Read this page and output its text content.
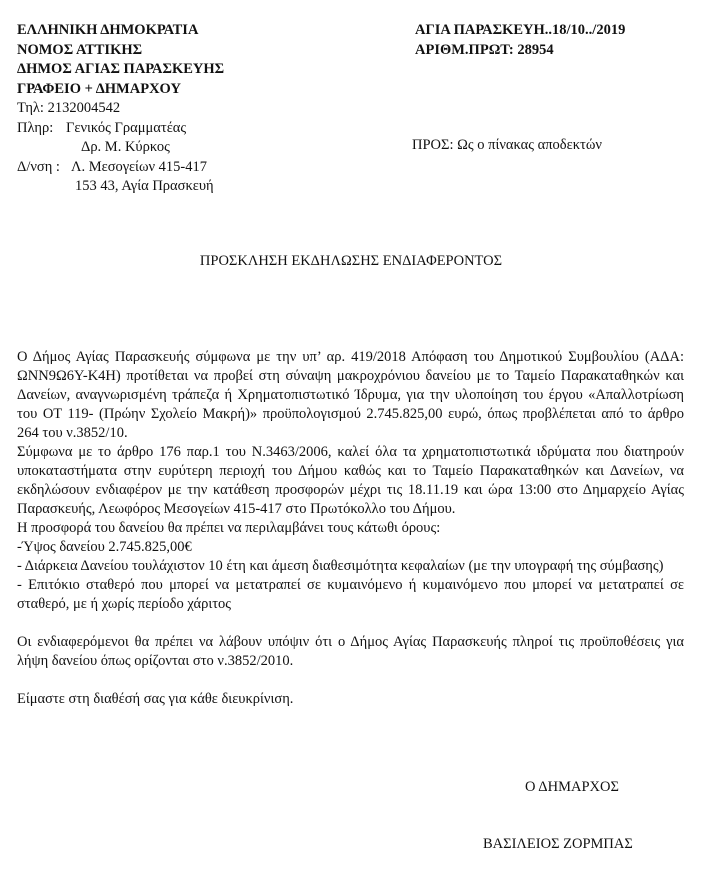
ΕΛΛΗΝΙΚΗ ΔΗΜΟΚΡΑΤΙΑ
ΝΟΜΟΣ ΑΤΤΙΚΗΣ
ΔΗΜΟΣ ΑΓΙΑΣ ΠΑΡΑΣΚΕΥΗΣ
ΓΡΑΦΕΙΟ + ΔΗΜΑΡΧΟΥ
Τηλ: 2132004542
Πληρ: Γενικός Γραμματέας
Δρ. Μ. Κύρκος
Δ/νση : Λ. Μεσογείων 415-417
153 43, Αγία Πρασκευή
ΑΓΙΑ ΠΑΡΑΣΚΕΥΗ..18/10../2019
ΑΡΙΘΜ.ΠΡΩΤ: 28954
ΠΡΟΣ: Ως ο πίνακας αποδεκτών
ΠΡΟΣΚΛΗΣΗ ΕΚΔΗΛΩΣΗΣ ΕΝΔΙΑΦΕΡΟΝΤΟΣ

Ο Δήμος Αγίας Παρασκευής σύμφωνα με την υπ’ αρ. 419/2018 Απόφαση του Δημοτικού Συμβουλίου (ΑΔΑ: ΩΝΝ9Ω6Υ-Κ4Η) προτίθεται να προβεί στη σύναψη μακροχρόνιου δανείου με το Ταμείο Παρακαταθηκών και Δανείων, αναγνωρισμένη τράπεζα ή Χρηματοπιστωτικό Ίδρυμα, για την υλοποίηση του έργου «Απαλλοτρίωση του ΟΤ 119- (Πρώην Σχολείο Μακρή)» προϋπολογισμού 2.745.825,00 ευρώ, όπως προβλέπεται από το άρθρο 264 του ν.3852/10.

Σύμφωνα με το άρθρο 176 παρ.1 του Ν.3463/2006, καλεί όλα τα χρηματοπιστωτικά ιδρύματα που διατηρούν υποκαταστήματα στην ευρύτερη περιοχή του Δήμου καθώς και το Ταμείο Παρακαταθηκών και Δανείων, να εκδηλώσουν ενδιαφέρον με την κατάθεση προσφορών μέχρι τις 18.11.19 και ώρα 13:00 στο Δημαρχείο Αγίας Παρασκευής, Λεωφόρος Μεσογείων 415-417 στο Πρωτόκολλο του Δήμου.

Η προσφορά του δανείου θα πρέπει να περιλαμβάνει τους κάτωθι όρους:

-Ύψος δανείου 2.745.825,00€

- Διάρκεια Δανείου τουλάχιστον 10 έτη και άμεση διαθεσιμότητα κεφαλαίων (με την υπογραφή της σύμβασης)

- Επιτόκιο σταθερό που μπορεί να μετατραπεί σε κυμαινόμενο ή κυμαινόμενο που μπορεί να μετατραπεί σε σταθερό, με ή χωρίς περίοδο χάριτος

Οι ενδιαφερόμενοι θα πρέπει να λάβουν υπόψιν ότι ο Δήμος Αγίας Παρασκευής πληροί τις προϋποθέσεις για λήψη δανείου όπως ορίζονται στο ν.3852/2010.

Είμαστε στη διαθέσή σας για κάθε διευκρίνιση.

Ο ΔΗΜΑΡΧΟΣ
ΒΑΣΙΛΕΙΟΣ ΖΟΡΜΠΑΣ
